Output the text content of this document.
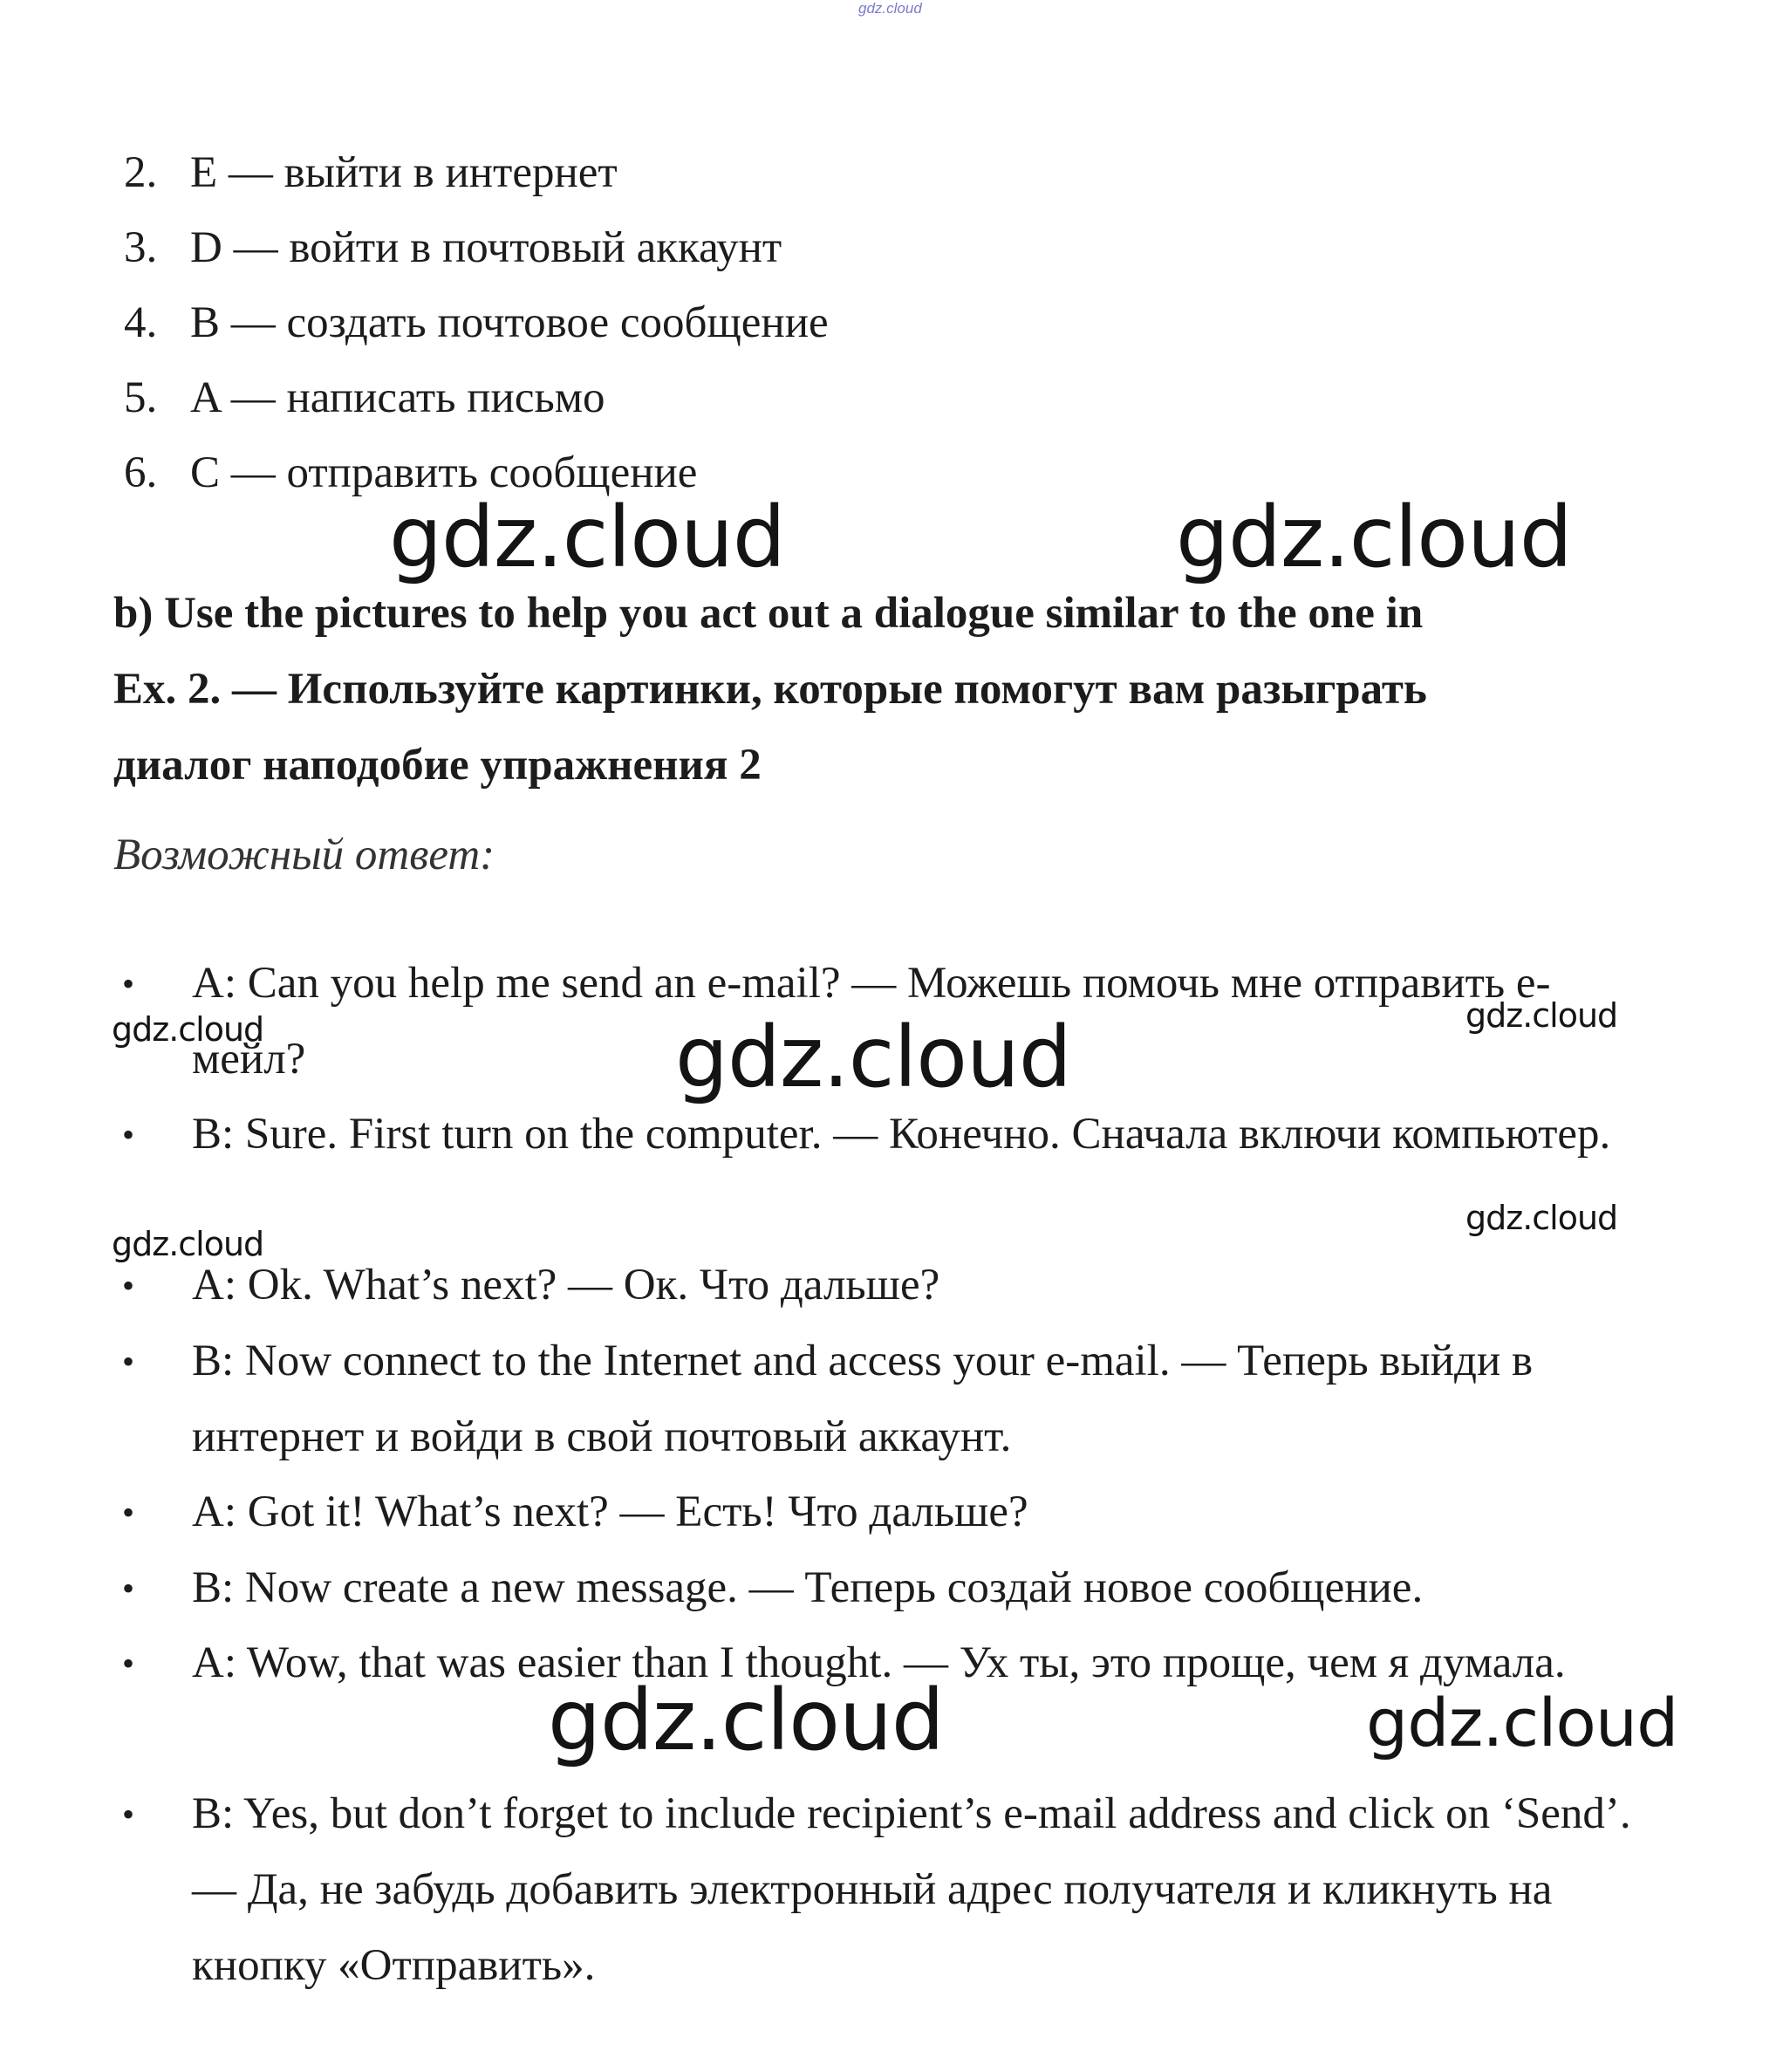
gdz.cloud
2. E — выйти в интернет
3. D — войти в почтовый аккаунт
4. B — создать почтовое сообщение
5. A — написать письмо
6. C — отправить сообщение

b) Use the pictures to help you act out a dialogue similar to the one in

Ex. 2. — Используйте картинки, которые помогут вам разыграть

диалог наподобие упражнения 2

Возможный ответ:
• A: Can you help me send an e-mail? — Можешь помочь мне отправить е-мейл?
• B: Sure. First turn on the computer. — Конечно. Сначала включи компьютер.
• A: Ok. What’s next? — Ок. Что дальше?
• B: Now connect to the Internet and access your e-mail. — Теперь выйди в интернет и войди в свой почтовый аккаунт.
• A: Got it! What’s next? — Есть! Что дальше?
• B: Now create a new message. — Теперь создай новое сообщение.
• A: Wow, that was easier than I thought. — Ух ты, это проще, чем я думала.
• B: Yes, but don’t forget to include recipient’s e-mail address and click on ‘Send’. — Да, не забудь добавить электронный адрес получателя и кликнуть на кнопку «Отправить».
gdz.cloud	gdz.cloud
gdz.cloud	gdz.cloud
gdz.cloud
gdz.cloud
gdz.cloud
gdz.cloud	gdz.cloud
